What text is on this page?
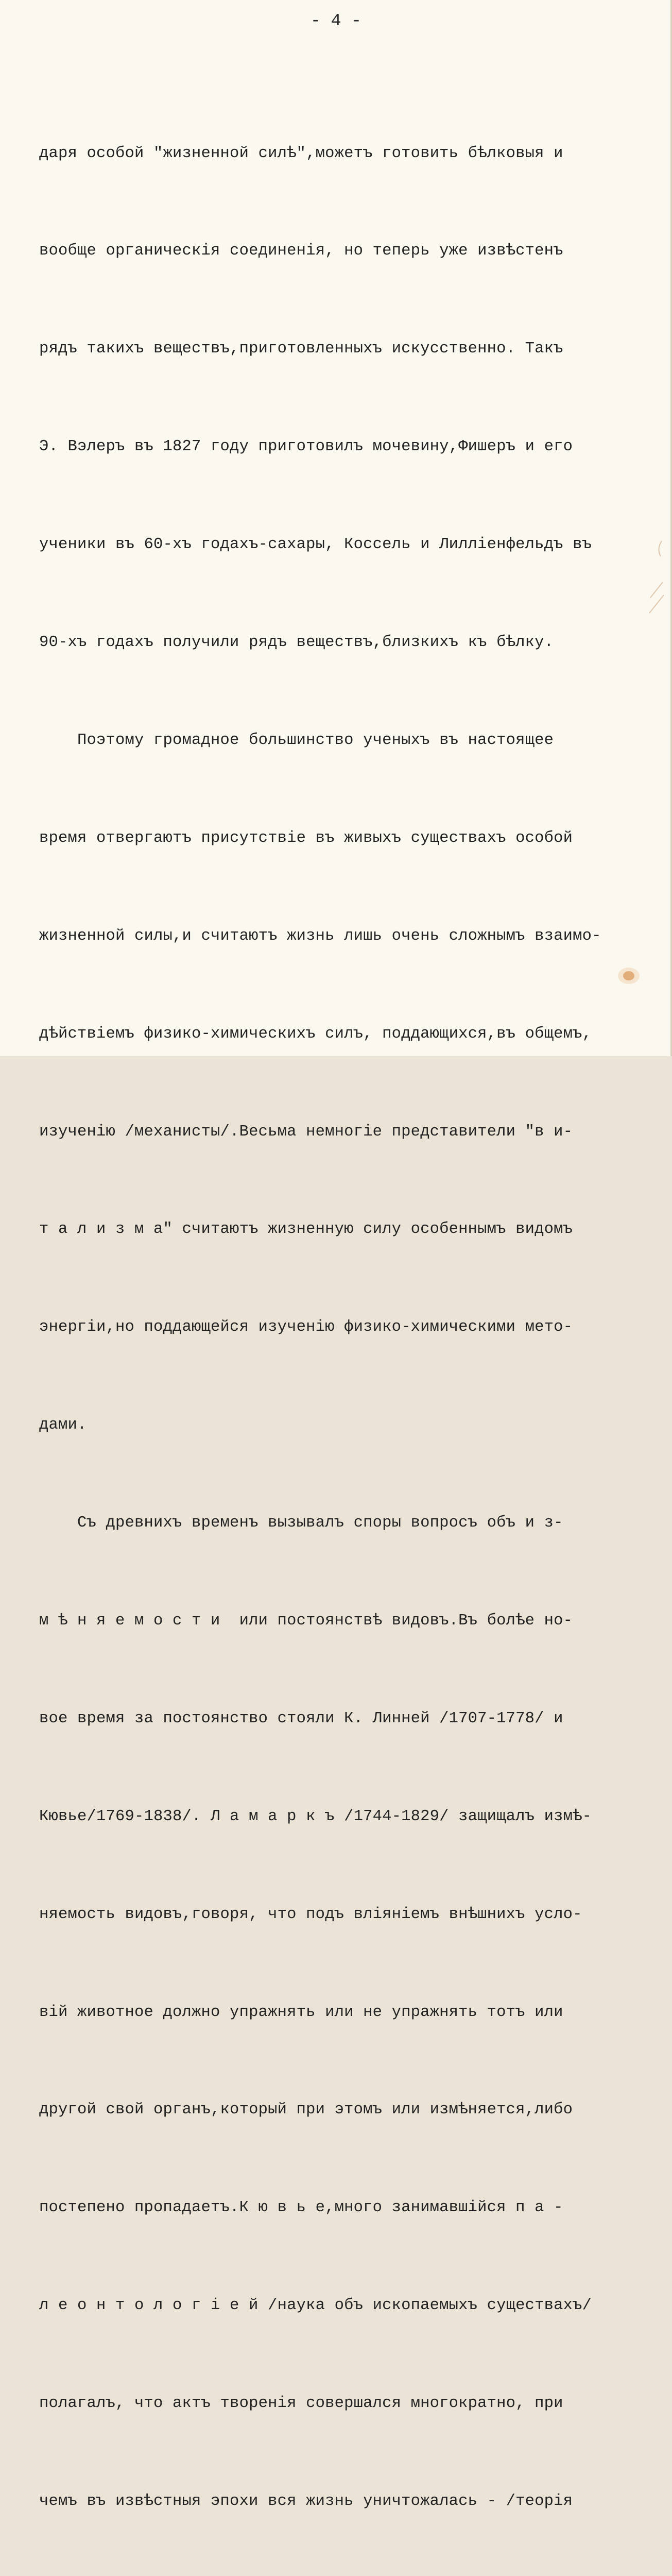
- 4 -

даря особой "жизненной силѣ",можетъ готовить бѣлковыя и

вообще органическія соединенія, но теперь уже извѣстенъ

рядъ такихъ веществъ,приготовленныхъ искусственно. Такъ

Э. Вэлеръ въ 1827 году приготовилъ мочевину,Фишеръ и его

ученики въ 60-хъ годахъ-сахары, Коссель и Лилліенфельдъ въ

90-хъ годахъ получили рядъ веществъ,близкихъ къ бѣлку.

Поэтому громадное большинство ученыхъ въ настоящее

время отвергаютъ присутствіе въ живыхъ существахъ особой

жизненной силы,и считаютъ жизнь лишь очень сложнымъ взаимо-

дѣйствіемъ физико-химическихъ силъ, поддающихся,въ общемъ,

изученію /механисты/.Весьма немногіе представители "в и-

т а л и з м а" считаютъ жизненную силу особеннымъ видомъ

энергіи,но поддающейся изученію физико-химическими мето-

дами.

Съ древнихъ временъ вызывалъ споры вопросъ объ и з-

м ѣ н я е м о с т и  или постоянствѣ видовъ.Въ болѣе но-

вое время за постоянство стояли К. Линней /1707-1778/ и

Кювье/1769-1838/. Л а м а р к ъ /1744-1829/ защищалъ измѣ-

няемость видовъ,говоря, что подъ вліяніемъ внѣшнихъ усло-

вій животное должно упражнять или не упражнять тотъ или

другой свой органъ,который при этомъ или измѣняется,либо

постепено пропадаетъ.К ю в ь е,много занимавшійся п а -

л е о н т о л о г і е й /наука объ ископаемыхъ существахъ/

полагалъ, что актъ творенія совершался многократно, при

чемъ въ извѣстныя эпохи вся жизнь уничтожалась - /теорія
